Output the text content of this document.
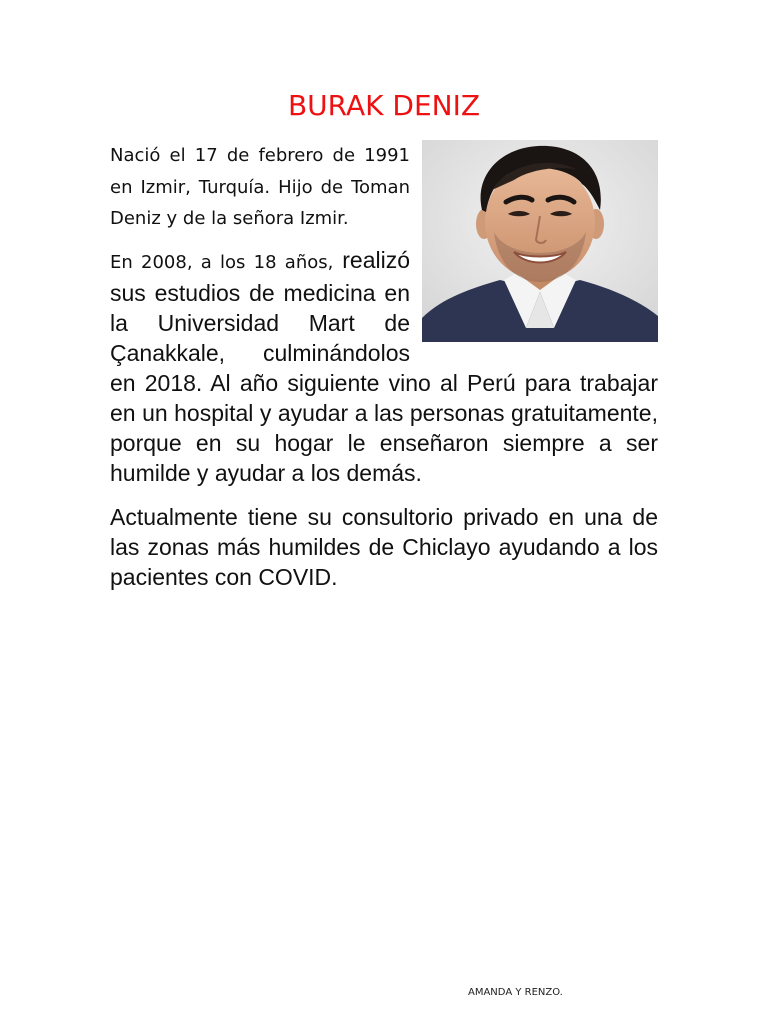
BURAK DENIZ

Nació el 17 de febrero de 1991 en Izmir, Turquía. Hijo de Toman Deniz y de la señora Izmir.

En 2008, a los 18 años, realizó sus estudios de medicina en la Universidad Mart de Çanakkale, culminándolos en 2018. Al año siguiente vino al Perú para trabajar en un hospital y ayudar a las personas gratuitamente, porque en su hogar le enseñaron siempre a ser humilde y ayudar a los demás.

Actualmente tiene su consultorio privado en una de las zonas más humildes de Chiclayo ayudando a los pacientes con COVID.

AMANDA Y RENZO.
